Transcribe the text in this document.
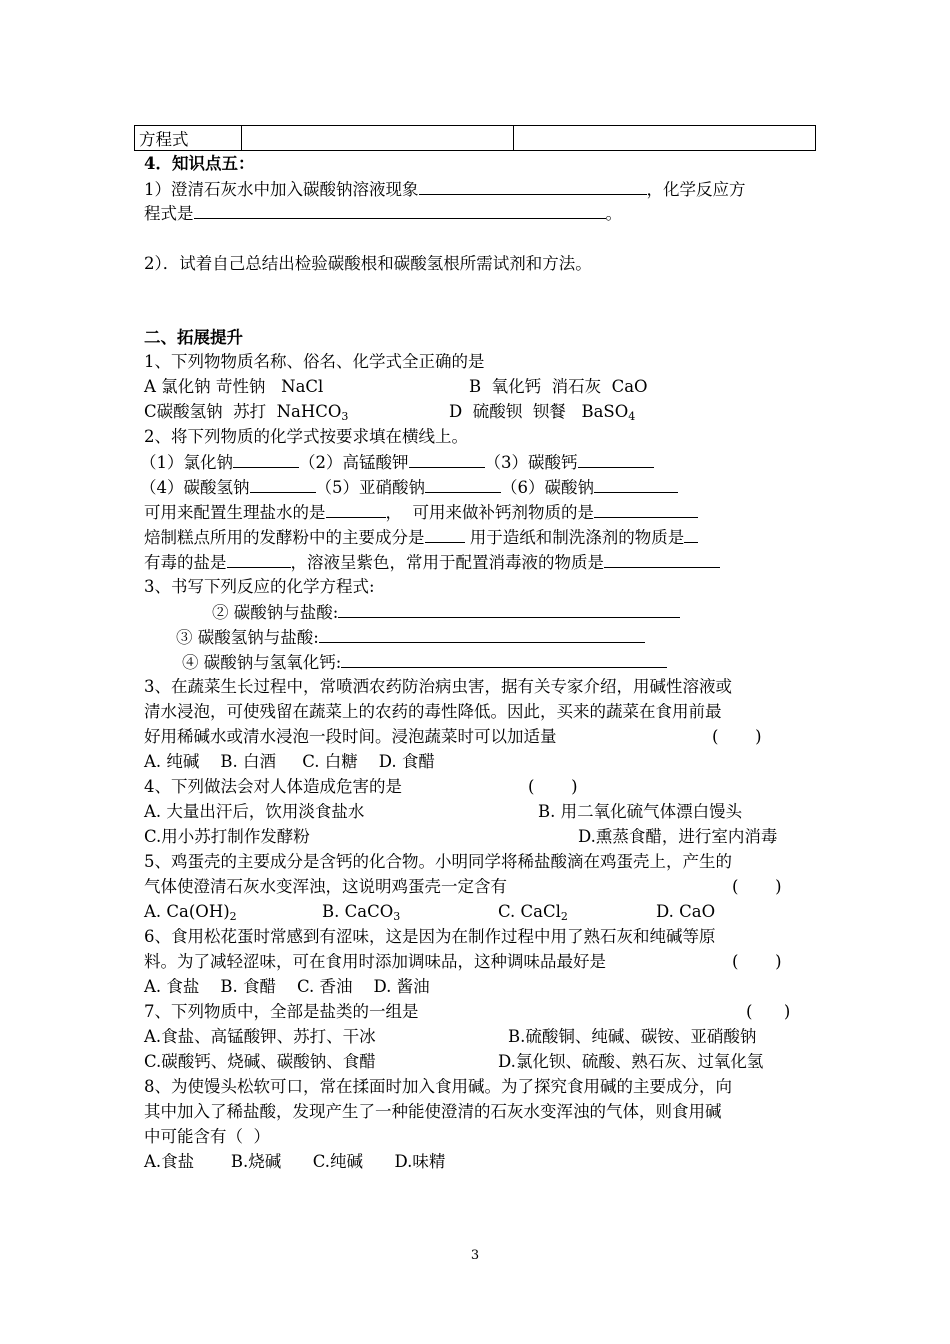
方程式		
4．知识点五：
1）澄清石灰水中加入碳酸钠溶液现象	，化学反应方
程式是	。
2）．试着自己总结出检验碳酸根和碳酸氢根所需试剂和方法。
二、拓展提升
1、下列物物质名称、俗名、化学式全正确的是
A 氯化钠 苛性钠   NaCl	B  氧化钙  消石灰  CaO
C碳酸氢钠  苏打  NaHCO$_3$	D  硫酸钡  钡餐   BaSO$_4$
2、将下列物质的化学式按要求填在横线上。
（1）氯化钠	（2）高锰酸钾	（3）碳酸钙
（4）碳酸氢钠	（5）亚硝酸钠	（6）碳酸钠
可用来配置生理盐水的是	，  可用来做补钙剂物质的是
焙制糕点所用的发酵粉中的主要成分是 用于造纸和制洗涤剂的物质是
有毒的盐是	，溶液呈紫色，常用于配置消毒液的物质是
3、书写下列反应的化学方程式:
② 碳酸钠与盐酸:
③ 碳酸氢钠与盐酸:
④ 碳酸钠与氢氧化钙:
3、在蔬菜生长过程中，常喷洒农药防治病虫害，据有关专家介绍，用碱性溶液或
清水浸泡，可使残留在蔬菜上的农药的毒性降低。因此，买来的蔬菜在食用前最
好用稀碱水或清水浸泡一段时间。浸泡蔬菜时可以加适量	(       )
A. 纯碱    B. 白酒     C. 白糖    D. 食醋
4、下列做法会对人体造成危害的是	(       )
A. 大量出汗后，饮用淡食盐水	B. 用二氧化硫气体漂白馒头
C.用小苏打制作发酵粉	D.熏蒸食醋，进行室内消毒
5、鸡蛋壳的主要成分是含钙的化合物。小明同学将稀盐酸滴在鸡蛋壳上，产生的
气体使澄清石灰水变浑浊，这说明鸡蛋壳一定含有	(       )
A. $Ca(OH)_2$	B. CaCO$_3$	C. CaCl$_2$	D. CaO
6、食用松花蛋时常感到有涩味，这是因为在制作过程中用了熟石灰和纯碱等原
料。为了减轻涩味，可在食用时添加调味品，这种调味品最好是	(       )
A. 食盐    B. 食醋    C. 香油    D. 酱油
7、下列物质中，全部是盐类的一组是	(      )
A.食盐、高锰酸钾、苏打、干冰	B.硫酸铜、纯碱、碳铵、亚硝酸钠
C.碳酸钙、烧碱、碳酸钠、食醋	D.氯化钡、硫酸、熟石灰、过氧化氢
8、为使馒头松软可口，常在揉面时加入食用碱。为了探究食用碱的主要成分，向
其中加入了稀盐酸，发现产生了一种能使澄清的石灰水变浑浊的气体，则食用碱
中可能含有（  ）
A.食盐       B.烧碱      C.纯碱      D.味精
3
